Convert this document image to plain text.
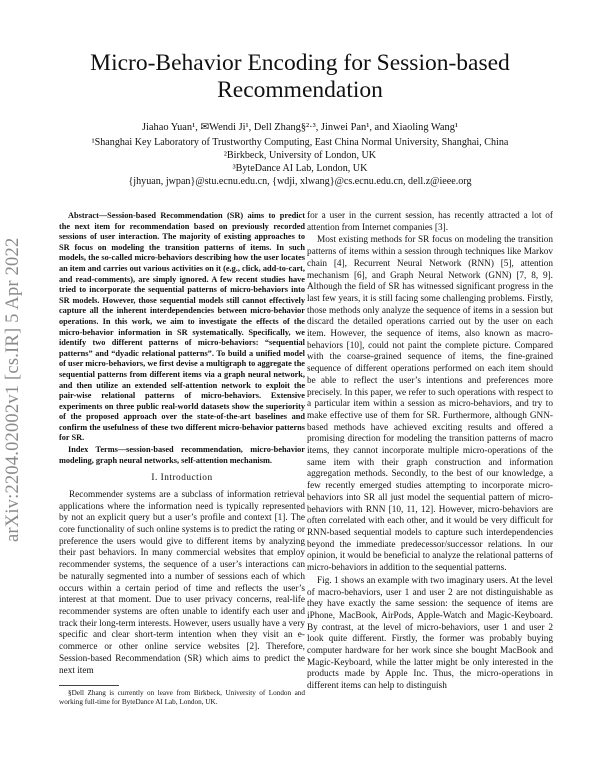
arXiv:2204.02002v1 [cs.IR] 5 Apr 2022
Micro-Behavior Encoding for Session-based
Recommendation
Jiahao Yuan¹, ✉Wendi Ji¹, Dell Zhang§²·³, Jinwei Pan¹, and Xiaoling Wang¹
¹Shanghai Key Laboratory of Trustworthy Computing, East China Normal University, Shanghai, China
²Birkbeck, University of London, UK
³ByteDance AI Lab, London, UK
{jhyuan, jwpan}@stu.ecnu.edu.cn, {wdji, xlwang}@cs.ecnu.edu.cn, dell.z@ieee.org

Abstract—Session-based Recommendation (SR) aims to predict the next item for recommendation based on previously recorded sessions of user interaction. The majority of existing approaches to SR focus on modeling the transition patterns of items. In such models, the so-called micro-behaviors describing how the user locates an item and carries out various activities on it (e.g., click, add-to-cart, and read-comments), are simply ignored. A few recent studies have tried to incorporate the sequential patterns of micro-behaviors into SR models. However, those sequential models still cannot effectively capture all the inherent interdependencies between micro-behavior operations. In this work, we aim to investigate the effects of the micro-behavior information in SR systematically. Specifically, we identify two different patterns of micro-behaviors: “sequential patterns” and “dyadic relational patterns”. To build a unified model of user micro-behaviors, we first devise a multigraph to aggregate the sequential patterns from different items via a graph neural network, and then utilize an extended self-attention network to exploit the pair-wise relational patterns of micro-behaviors. Extensive experiments on three public real-world datasets show the superiority of the proposed approach over the state-of-the-art baselines and confirm the usefulness of these two different micro-behavior patterns for SR.

Index Terms—session-based recommendation, micro-behavior modeling, graph neural networks, self-attention mechanism.

I. Introduction

Recommender systems are a subclass of information retrieval applications where the information need is typically represented by not an explicit query but a user’s profile and context [1]. The core functionality of such online systems is to predict the rating or preference the users would give to different items by analyzing their past behaviors. In many commercial websites that employ recommender systems, the sequence of a user’s interactions can be naturally segmented into a number of sessions each of which occurs within a certain period of time and reflects the user’s interest at that moment. Due to user privacy concerns, real-life recommender systems are often unable to identify each user and track their long-term interests. However, users usually have a very specific and clear short-term intention when they visit an e-commerce or other online service websites [2]. Therefore, Session-based Recommendation (SR) which aims to predict the next item

§Dell Zhang is currently on leave from Birkbeck, University of London and working full-time for ByteDance AI Lab, London, UK.

for a user in the current session, has recently attracted a lot of attention from Internet companies [3].

Most existing methods for SR focus on modeling the transition patterns of items within a session through techniques like Markov chain [4], Recurrent Neural Network (RNN) [5], attention mechanism [6], and Graph Neural Network (GNN) [7, 8, 9]. Although the field of SR has witnessed significant progress in the last few years, it is still facing some challenging problems. Firstly, those methods only analyze the sequence of items in a session but discard the detailed operations carried out by the user on each item. However, the sequence of items, also known as macro-behaviors [10], could not paint the complete picture. Compared with the coarse-grained sequence of items, the fine-grained sequence of different operations performed on each item should be able to reflect the user’s intentions and preferences more precisely. In this paper, we refer to such operations with respect to a particular item within a session as micro-behaviors, and try to make effective use of them for SR. Furthermore, although GNN-based methods have achieved exciting results and offered a promising direction for modeling the transition patterns of macro items, they cannot incorporate multiple micro-operations of the same item with their graph construction and information aggregation methods. Secondly, to the best of our knowledge, a few recently emerged studies attempting to incorporate micro-behaviors into SR all just model the sequential pattern of micro-behaviors with RNN [10, 11, 12]. However, micro-behaviors are often correlated with each other, and it would be very difficult for RNN-based sequential models to capture such interdependencies beyond the immediate predecessor/successor relations. In our opinion, it would be beneficial to analyze the relational patterns of micro-behaviors in addition to the sequential patterns.

Fig. 1 shows an example with two imaginary users. At the level of macro-behaviors, user 1 and user 2 are not distinguishable as they have exactly the same session: the sequence of items are iPhone, MacBook, AirPods, Apple-Watch and Magic-Keyboard. By contrast, at the level of micro-behaviors, user 1 and user 2 look quite different. Firstly, the former was probably buying computer hardware for her work since she bought MacBook and Magic-Keyboard, while the latter might be only interested in the products made by Apple Inc. Thus, the micro-operations in different items can help to distinguish
